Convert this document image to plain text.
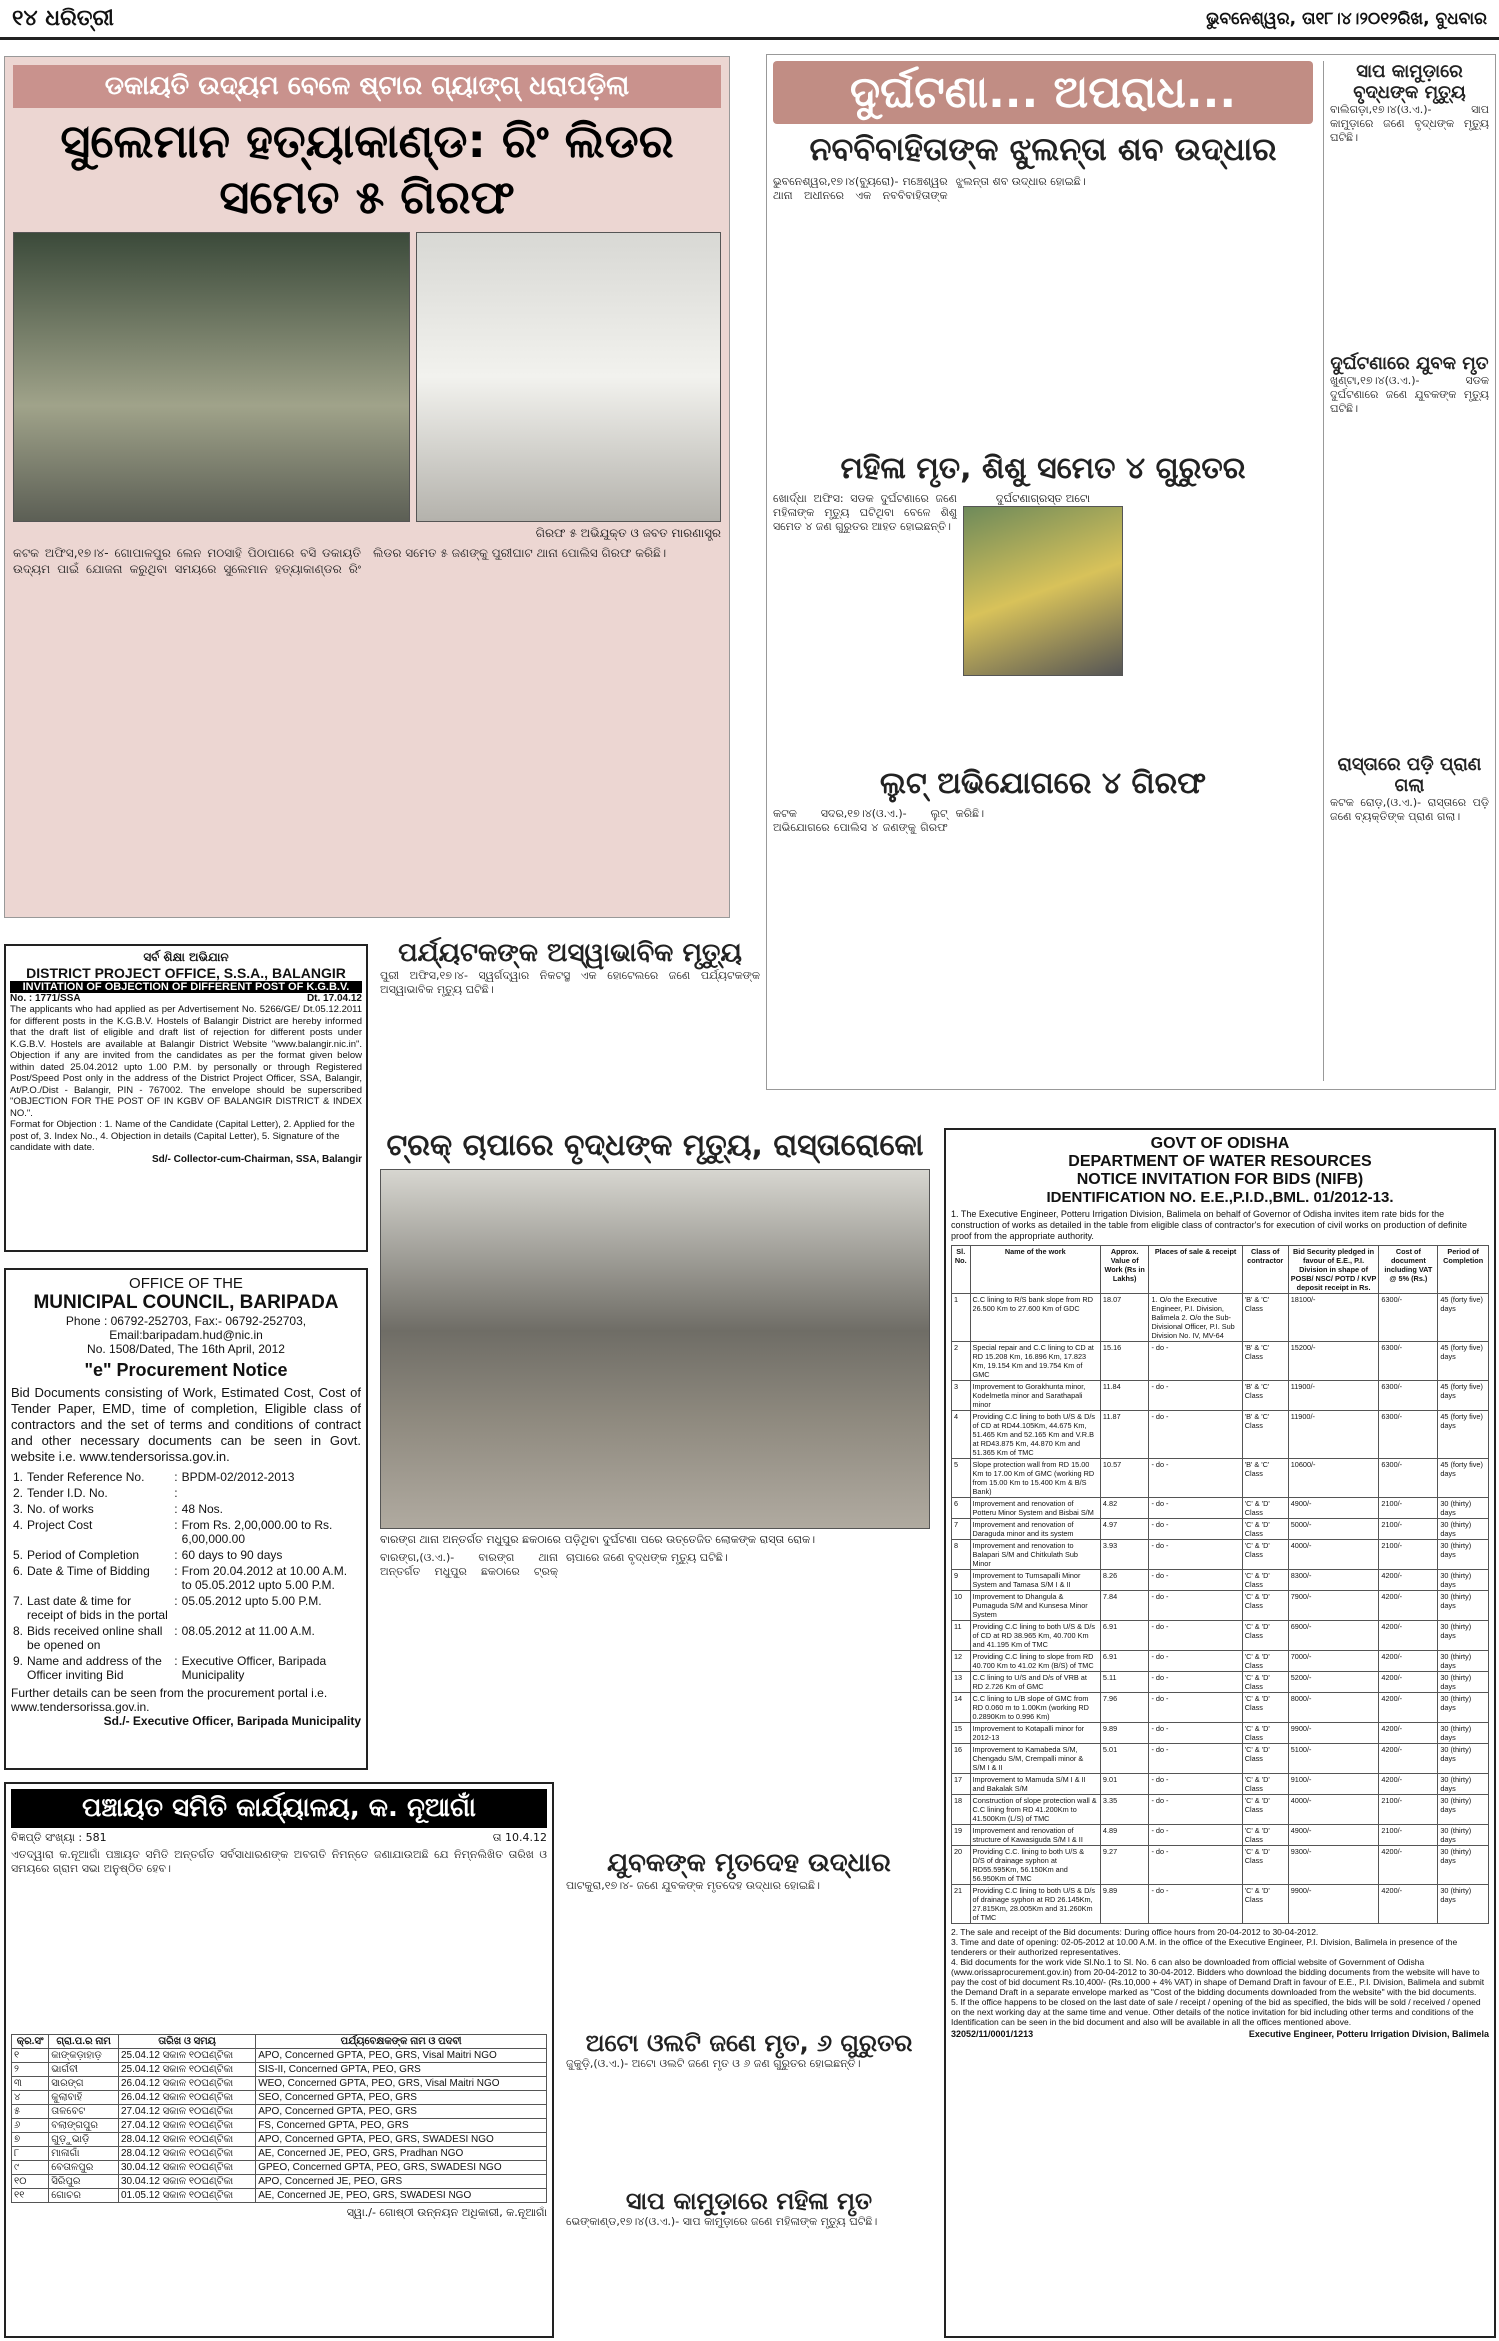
୧୪ ଧରିତ୍ରୀ	ଭୁବନେଶ୍ୱର, ତା୧୮।୪।୨୦୧୨ରିଖ, ବୁଧବାର
ଡକାୟତି ଉଦ୍ୟମ ବେଳେ ଷ୍ଟାର ଗ୍ୟାଙ୍ଗ୍ ଧରାପଡ଼ିଲା
ସୁଲେମାନ ହତ୍ୟାକାଣ୍ଡ: ରିଂ ଲିଡର ସମେତ ୫ ଗିରଫ
ଗିରଫ ୫ ଅଭିଯୁକ୍ତ ଓ ଜବତ ମାରଣାସ୍ତ୍ର
କଟକ ଅଫିସ,୧୭।୪- ଗୋପାଳପୁର ଲେନ ମଠସାହି ପିଠାପାରେ ବସି ଡକାୟତି ଉଦ୍ୟମ ପାଇଁ ଯୋଜନା କରୁଥିବା ସମୟରେ ସୁଲେମାନ ହତ୍ୟାକାଣ୍ଡର ରିଂ ଲିଡର ସମେତ ୫ ଜଣଙ୍କୁ ପୁରୀଘାଟ ଥାନା ପୋଲିସ ଗିରଫ କରିଛି।
ଦୁର୍ଘଟଣା... ଅପରାଧ...
ନବବିବାହିତାଙ୍କ ଝୁଲନ୍ତା ଶବ ଉଦ୍ଧାର
ଭୁବନେଶ୍ୱର,୧୭।୪(ବ୍ୟୁରୋ)- ମଞ୍ଚେଶ୍ୱର ଥାନା ଅଧୀନରେ ଏକ ନବବିବାହିତାଙ୍କ ଝୁଲନ୍ତା ଶବ ଉଦ୍ଧାର ହୋଇଛି।
ମହିଳା ମୃତ, ଶିଶୁ ସମେତ ୪ ଗୁରୁତର
ଖୋର୍ଦ୍ଧା ଅଫିସ: ସଡକ ଦୁର୍ଘଟଣାରେ ଜଣେ ମହିଳାଙ୍କ ମୃତ୍ୟୁ ଘଟିଥିବା ବେଳେ ଶିଶୁ ସମେତ ୪ ଜଣ ଗୁରୁତର ଆହତ ହୋଇଛନ୍ତି।
ଦୁର୍ଘଟଣାଗ୍ରସ୍ତ ଅଟୋ
ଲୁଟ୍ ଅଭିଯୋଗରେ ୪ ଗିରଫ
କଟକ ସଦର,୧୭।୪(ଓ.ଏ.)- ଲୁଟ୍ ଅଭିଯୋଗରେ ପୋଲିସ ୪ ଜଣଙ୍କୁ ଗିରଫ କରିଛି।
ସାପ କାମୁଡ଼ାରେ ବୃଦ୍ଧଙ୍କ ମୃତ୍ୟୁ
ବାଲିଗଡ଼ା,୧୭।୪(ଓ.ଏ.)- ସାପ କାମୁଡ଼ାରେ ଜଣେ ବୃଦ୍ଧଙ୍କ ମୃତ୍ୟୁ ଘଟିଛି।
ଦୁର୍ଘଟଣାରେ ଯୁବକ ମୃତ
ଖୁଣ୍ଟା,୧୭।୪(ଓ.ଏ.)- ସଡକ ଦୁର୍ଘଟଣାରେ ଜଣେ ଯୁବକଙ୍କ ମୃତ୍ୟୁ ଘଟିଛି।
ରାସ୍ତାରେ ପଡ଼ି ପ୍ରାଣ ଗଲା
କଟକ ରୋଡ଼,(ଓ.ଏ.)- ରାସ୍ତାରେ ପଡ଼ି ଜଣେ ବ୍ୟକ୍ତିଙ୍କ ପ୍ରାଣ ଗଲା।
ସର୍ବ ଶିକ୍ଷା ଅଭିଯାନ
DISTRICT PROJECT OFFICE, S.S.A., BALANGIR
INVITATION OF OBJECTION OF DIFFERENT POST OF K.G.B.V.
No. : 1771/SSA	Dt. 17.04.12
The applicants who had applied as per Advertisement No. 5266/GE/ Dt.05.12.2011 for different posts in the K.G.B.V. Hostels of Balangir District are hereby informed that the draft list of eligible and draft list of rejection for different posts under K.G.B.V. Hostels are available at Balangir District Website "www.balangir.nic.in". Objection if any are invited from the candidates as per the format given below within dated 25.04.2012 upto 1.00 P.M. by personally or through Registered Post/Speed Post only in the address of the District Project Officer, SSA, Balangir, At/P.O./Dist - Balangir, PIN - 767002. The envelope should be superscribed "OBJECTION FOR THE POST OF IN KGBV OF BALANGIR DISTRICT & INDEX NO.".
Format for Objection : 1. Name of the Candidate (Capital Letter), 2. Applied for the post of, 3. Index No., 4. Objection in details (Capital Letter), 5. Signature of the candidate with date.
Sd/- Collector-cum-Chairman, SSA, Balangir
ପର୍ଯ୍ୟଟକଙ୍କ ଅସ୍ୱାଭାବିକ ମୃତ୍ୟୁ
ପୁରୀ ଅଫିସ,୧୭।୪- ସ୍ୱର୍ଗଦ୍ୱାର ନିକଟସ୍ଥ ଏକ ହୋଟେଲରେ ଜଣେ ପର୍ଯ୍ୟଟକଙ୍କ ଅସ୍ୱାଭାବିକ ମୃତ୍ୟୁ ଘଟିଛି।
OFFICE OF THE
MUNICIPAL COUNCIL, BARIPADA
Phone : 06792-252703, Fax:- 06792-252703,
Email:baripadam.hud@nic.in
No. 1508/Dated, The 16th April, 2012
"e" Procurement Notice
Bid Documents consisting of Work, Estimated Cost, Cost of Tender Paper, EMD, time of completion, Eligible class of contractors and the set of terms and conditions of contract and other necessary documents can be seen in Govt. website i.e. www.tendersorissa.gov.in.
1.	Tender Reference No.	:	BPDM-02/2012-2013
2.	Tender I.D. No.	:	
3.	No. of works	:	48 Nos.
4.	Project Cost	:	From Rs. 2,00,000.00 to Rs. 6,00,000.00
5.	Period of Completion	:	60 days to 90 days
6.	Date & Time of Bidding	:	From 20.04.2012 at 10.00 A.M. to 05.05.2012 upto 5.00 P.M.
7.	Last date & time for receipt of bids in the portal	:	05.05.2012 upto 5.00 P.M.
8.	Bids received online shall be opened on	:	08.05.2012 at 11.00 A.M.
9.	Name and address of the Officer inviting Bid	:	Executive Officer, Baripada Municipality
Further details can be seen from the procurement portal i.e. www.tendersorissa.gov.in.
Sd./- Executive Officer, Baripada Municipality
ଟ୍ରକ୍ ଚାପାରେ ବୃଦ୍ଧଙ୍କ ମୃତ୍ୟୁ, ରାସ୍ତାରୋକୋ
ବାରଙ୍ଗ ଥାନା ଅନ୍ତର୍ଗତ ମଧୁପୁର ଛକଠାରେ ପଡ଼ିଥିବା ଦୁର୍ଘଟଣା ପରେ ଉତ୍ତେଜିତ ଲୋକଙ୍କ ରାସ୍ତା ରୋକ।
ବାରଙ୍ଗ,(ଓ.ଏ.)- ବାରଙ୍ଗ ଥାନା ଅନ୍ତର୍ଗତ ମଧୁପୁର ଛକଠାରେ ଟ୍ରକ୍ ଚାପାରେ ଜଣେ ବୃଦ୍ଧଙ୍କ ମୃତ୍ୟୁ ଘଟିଛି।
ପଞ୍ଚାୟତ ସମିତି କାର୍ଯ୍ୟାଳୟ, କ. ନୂଆଗାଁ
ବିଜ୍ଞପ୍ତି ସଂଖ୍ୟା : 581	ତା 10.4.12
ଏତଦ୍ୱାରା କ.ନୂଆଗାଁ ପଞ୍ଚାୟତ ସମିତି ଅନ୍ତର୍ଗତ ସର୍ବସାଧାରଣଙ୍କ ଅବଗତି ନିମନ୍ତେ ଜଣାଯାଉଅଛି ଯେ ନିମ୍ନଲିଖିତ ତାରିଖ ଓ ସମୟରେ ଗ୍ରାମ ସଭା ଅନୁଷ୍ଠିତ ହେବ।
କ୍ର.ସଂ	ଗ୍ରା.ପ.ର ନାମ	ତାରିଖ ଓ ସମୟ	ପର୍ଯ୍ୟବେକ୍ଷକଙ୍କ ନାମ ଓ ପଦବୀ
୧	କାଙ୍କଡ଼ାହାଡ଼	25.04.12 ସକାଳ ୧୦ଘଣ୍ଟିକା	APO, Concerned GPTA, PEO, GRS, Visal Maitri NGO
୨	ଭାର୍ଗବୀ	25.04.12 ସକାଳ ୧୦ଘଣ୍ଟିକା	SIS-II, Concerned GPTA, PEO, GRS
୩	ସାରଙ୍ଗ	26.04.12 ସକାଳ ୧୦ଘଣ୍ଟିକା	WEO, Concerned GPTA, PEO, GRS, Visal Maitri NGO
୪	କୁଲାବାହି	26.04.12 ସକାଳ ୧୦ଘଣ୍ଟିକା	SEO, Concerned GPTA, PEO, GRS
୫	ତାଳବେଟ	27.04.12 ସକାଳ ୧୦ଘଣ୍ଟିକା	APO, Concerned GPTA, PEO, GRS
୬	ବଲାଙ୍ଗପୁର	27.04.12 ସକାଳ ୧୦ଘଣ୍ଟିକା	FS, Concerned GPTA, PEO, GRS
୭	ଗୁଡ଼ୁଭାଡ଼ି	28.04.12 ସକାଳ ୧୦ଘଣ୍ଟିକା	APO, Concerned GPTA, PEO, GRS, SWADESI NGO
୮	ମାଳାଗାଁ	28.04.12 ସକାଳ ୧୦ଘଣ୍ଟିକା	AE, Concerned JE, PEO, GRS, Pradhan NGO
୯	ବେତାଳପୁର	30.04.12 ସକାଳ ୧୦ଘଣ୍ଟିକା	GPEO, Concerned GPTA, PEO, GRS, SWADESI NGO
୧୦	ସିରିପୁର	30.04.12 ସକାଳ ୧୦ଘଣ୍ଟିକା	APO, Concerned JE, PEO, GRS
୧୧	ଗୋଚର	01.05.12 ସକାଳ ୧୦ଘଣ୍ଟିକା	AE, Concerned JE, PEO, GRS, SWADESI NGO
ସ୍ୱା./- ଗୋଷ୍ଠୀ ଉନ୍ନୟନ ଅଧିକାରୀ, କ.ନୂଆଗାଁ
ଯୁବକଙ୍କ ମୃତଦେହ ଉଦ୍ଧାର
ପାଟକୁରା,୧୭।୪- ଜଣେ ଯୁବକଙ୍କ ମୃତଦେହ ଉଦ୍ଧାର ହୋଇଛି।
ଅଟୋ ଓଲଟି ଜଣେ ମୃତ, ୬ ଗୁରୁତର
ଜୁକୁଡ଼ି,(ଓ.ଏ.)- ଅଟୋ ଓଲଟି ଜଣେ ମୃତ ଓ ୬ ଜଣ ଗୁରୁତର ହୋଇଛନ୍ତି।
ସାପ କାମୁଡ଼ାରେ ମହିଳା ମୃତ
ଭେଙ୍କାଣ୍ଡ,୧୭।୪(ଓ.ଏ.)- ସାପ କାମୁଡ଼ାରେ ଜଣେ ମହିଳାଙ୍କ ମୃତ୍ୟୁ ଘଟିଛି।
GOVT OF ODISHA
DEPARTMENT OF WATER RESOURCES
NOTICE INVITATION FOR BIDS (NIFB)
IDENTIFICATION NO. E.E.,P.I.D.,BML. 01/2012-13.
1. The Executive Engineer, Potteru Irrigation Division, Balimela on behalf of Governor of Odisha invites item rate bids for the construction of works as detailed in the table from eligible class of contractor's for execution of civil works on production of definite proof from the appropriate authority.
Sl. No.	Name of the work	Approx. Value of Work (Rs in Lakhs)	Places of sale & receipt	Class of contractor	Bid Security pledged in favour of E.E., P.I. Division in shape of POSB/ NSC/ POTD / KVP deposit receipt in Rs.	Cost of document including VAT @ 5% (Rs.)	Period of Completion
1	C.C lining to R/S bank slope from RD 26.500 Km to 27.600 Km of GDC	18.07	1. O/o the Executive Engineer, P.I. Division, Balimela 2. O/o the Sub-Divisional Officer, P.I. Sub Division No. IV, MV-64	'B' & 'C' Class	18100/-	6300/-	45 (forty five) days
2	Special repair and C.C lining to CD at RD 15.208 Km, 16.896 Km, 17.823 Km, 19.154 Km and 19.754 Km of GMC	15.16	- do -	'B' & 'C' Class	15200/-	6300/-	45 (forty five) days
3	Improvement to Gorakhunta minor, Kodelmetla minor and Sarathapali minor	11.84	- do -	'B' & 'C' Class	11900/-	6300/-	45 (forty five) days
4	Providing C.C lining to both U/S & D/s of CD at RD44.105Km, 44.675 Km, 51.465 Km and 52.165 Km and V.R.B at RD43.875 Km, 44.870 Km and 51.365 Km of TMC	11.87	- do -	'B' & 'C' Class	11900/-	6300/-	45 (forty five) days
5	Slope protection wall from RD 15.00 Km to 17.00 Km of GMC (working RD from 15.00 Km to 15.400 Km & B/S Bank)	10.57	- do -	'B' & 'C' Class	10600/-	6300/-	45 (forty five) days
6	Improvement and renovation of Potteru Minor System and Bisbai S/M	4.82	- do -	'C' & 'D' Class	4900/-	2100/-	30 (thirty) days
7	Improvement and renovation of Daraguda minor and its system	4.97	- do -	'C' & 'D' Class	5000/-	2100/-	30 (thirty) days
8	Improvement and renovation to Balapari S/M and Chitkulath Sub Minor	3.93	- do -	'C' & 'D' Class	4000/-	2100/-	30 (thirty) days
9	Improvement to Tumsapalli Minor System and Tamasa S/M I & II	8.26	- do -	'C' & 'D' Class	8300/-	4200/-	30 (thirty) days
10	Improvement to Dhangula & Pumaguda S/M and Kunsesa Minor System	7.84	- do -	'C' & 'D' Class	7900/-	4200/-	30 (thirty) days
11	Providing C.C lining to both U/S & D/s of CD at RD 38.965 Km, 40.700 Km and 41.195 Km of TMC	6.91	- do -	'C' & 'D' Class	6900/-	4200/-	30 (thirty) days
12	Providing C.C lining to slope from RD 40.700 Km to 41.02 Km (B/S) of TMC	6.91	- do -	'C' & 'D' Class	7000/-	4200/-	30 (thirty) days
13	C.C lining to U/S and D/s of VRB at RD 2.726 Km of GMC	5.11	- do -	'C' & 'D' Class	5200/-	4200/-	30 (thirty) days
14	C.C lining to L/B slope of GMC from RD 0.060 m to 1.00Km (working RD 0.2890Km to 0.996 Km)	7.96	- do -	'C' & 'D' Class	8000/-	4200/-	30 (thirty) days
15	Improvement to Kotapalli minor for 2012-13	9.89	- do -	'C' & 'D' Class	9900/-	4200/-	30 (thirty) days
16	Improvement to Kamabeda S/M, Chengadu S/M, Crempalli minor & S/M I & II	5.01	- do -	'C' & 'D' Class	5100/-	4200/-	30 (thirty) days
17	Improvement to Mamuda S/M I & II and Bakalak S/M	9.01	- do -	'C' & 'D' Class	9100/-	4200/-	30 (thirty) days
18	Construction of slope protection wall & C.C lining from RD 41.200Km to 41.500Km (L/S) of TMC	3.35	- do -	'C' & 'D' Class	4000/-	2100/-	30 (thirty) days
19	Improvement and renovation of structure of Kawasiguda S/M I & II	4.89	- do -	'C' & 'D' Class	4900/-	2100/-	30 (thirty) days
20	Providing C.C. lining to both U/S & D/S of drainage syphon at RD55.595Km, 56.150Km and 56.950Km of TMC	9.27	- do -	'C' & 'D' Class	9300/-	4200/-	30 (thirty) days
21	Providing C.C lining to both U/S & D/s of drainage syphon at RD 26.145Km, 27.815Km, 28.005Km and 31.260Km of TMC	9.89	- do -	'C' & 'D' Class	9900/-	4200/-	30 (thirty) days
2. The sale and receipt of the Bid documents: During office hours from 20-04-2012 to 30-04-2012.
3. Time and date of opening: 02-05-2012 at 10.00 A.M. in the office of the Executive Engineer, P.I. Division, Balimela in presence of the tenderers or their authorized representatives.
4. Bid documents for the work vide Sl.No.1 to Sl. No. 6 can also be downloaded from official website of Government of Odisha (www.orissaprocurement.gov.in) from 20-04-2012 to 30-04-2012. Bidders who download the bidding documents from the website will have to pay the cost of bid document Rs.10,400/- (Rs.10,000 + 4% VAT) in shape of Demand Draft in favour of E.E., P.I. Division, Balimela and submit the Demand Draft in a separate envelope marked as "Cost of the bidding documents downloaded from the website" with the bid documents.
5. If the office happens to be closed on the last date of sale / receipt / opening of the bid as specified, the bids will be sold / received / opened on the next working day at the same time and venue. Other details of the notice invitation for bid including other terms and conditions of the Identification can be seen in the bid document and also will be available in all the offices mentioned above.
32052/11/0001/1213	Executive Engineer, Potteru Irrigation Division, Balimela
